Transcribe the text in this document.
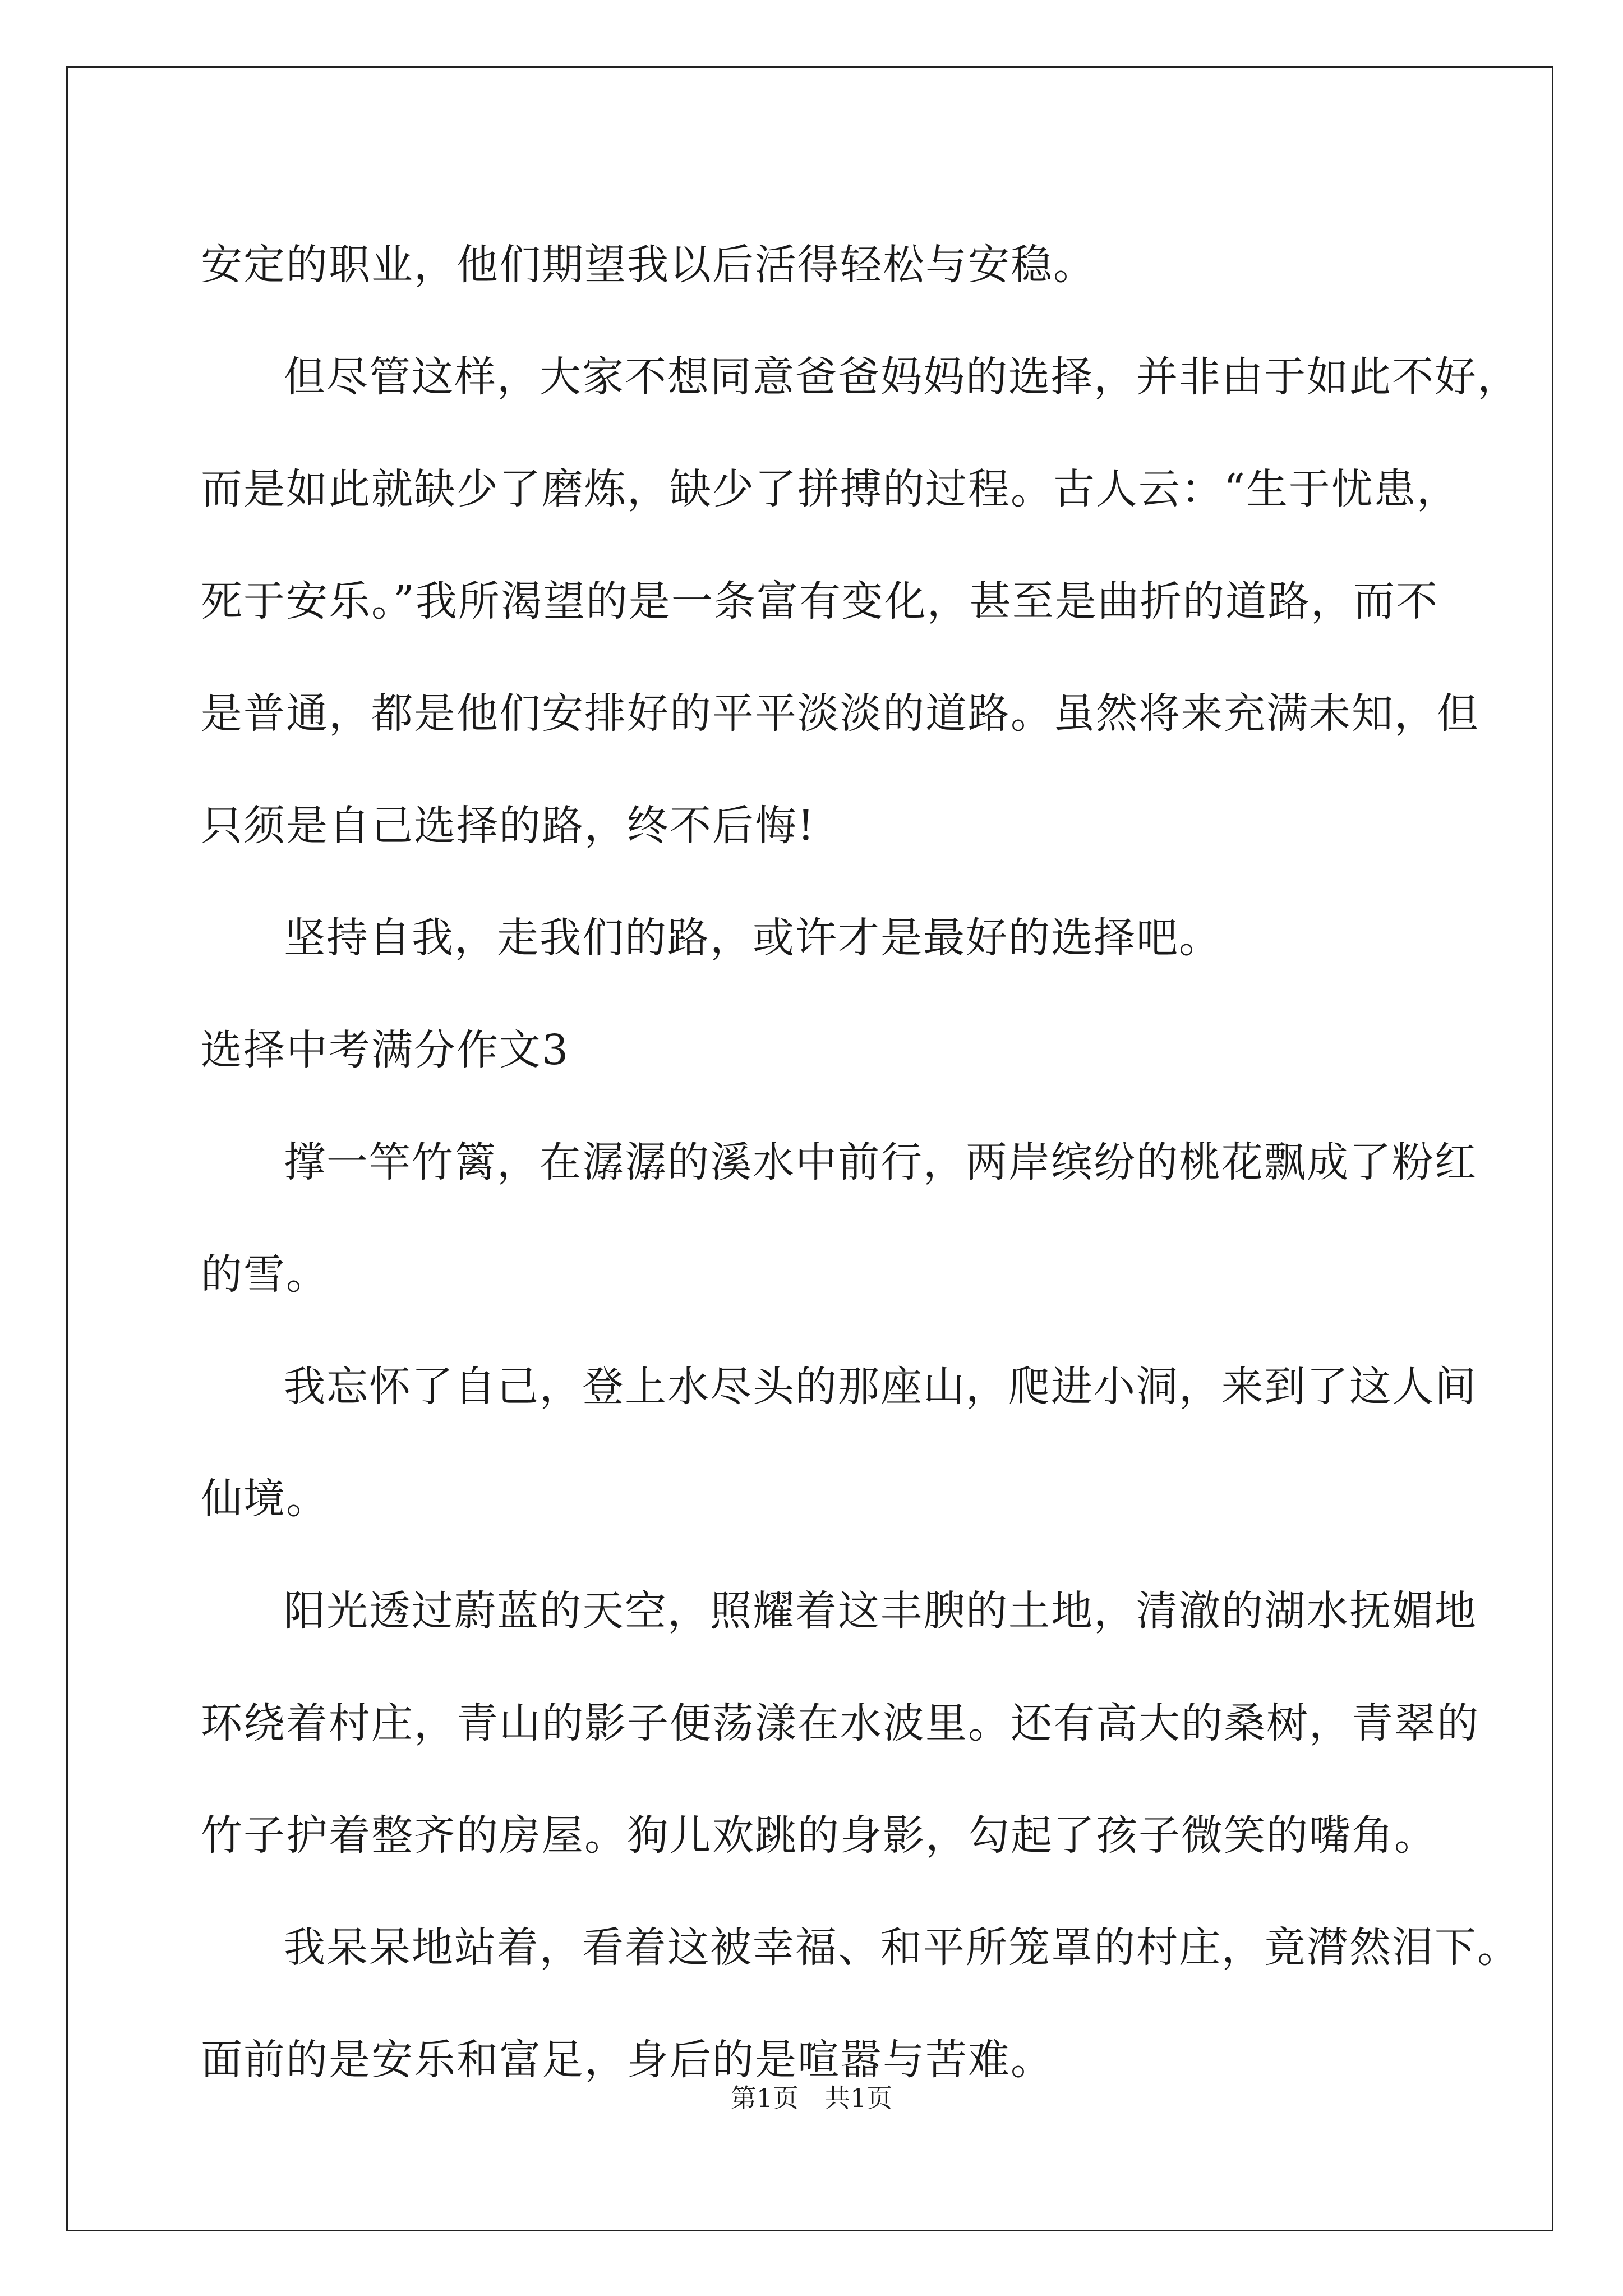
安定的职业，他们期望我以后活得轻松与安稳。
但尽管这样，大家不想同意爸爸妈妈的选择，并非由于如此不好，
而是如此就缺少了磨炼，缺少了拼搏的过程。古人云：“生于忧患，
死于安乐。”我所渴望的是一条富有变化，甚至是曲折的道路，而不
是普通，都是他们安排好的平平淡淡的道路。虽然将来充满未知，但
只须是自己选择的路，终不后悔!
坚持自我，走我们的路，或许才是最好的选择吧。
选择中考满分作文3
撑一竿竹篱，在潺潺的溪水中前行，两岸缤纷的桃花飘成了粉红
的雪。
我忘怀了自己，登上水尽头的那座山，爬进小洞，来到了这人间
仙境。
阳光透过蔚蓝的天空，照耀着这丰腴的土地，清澈的湖水抚媚地
环绕着村庄，青山的影子便荡漾在水波里。还有高大的桑树，青翠的
竹子护着整齐的房屋。狗儿欢跳的身影，勾起了孩子微笑的嘴角。
我呆呆地站着，看着这被幸福、和平所笼罩的村庄，竟潸然泪下。
面前的是安乐和富足，身后的是喧嚣与苦难。
第1页 共1页
